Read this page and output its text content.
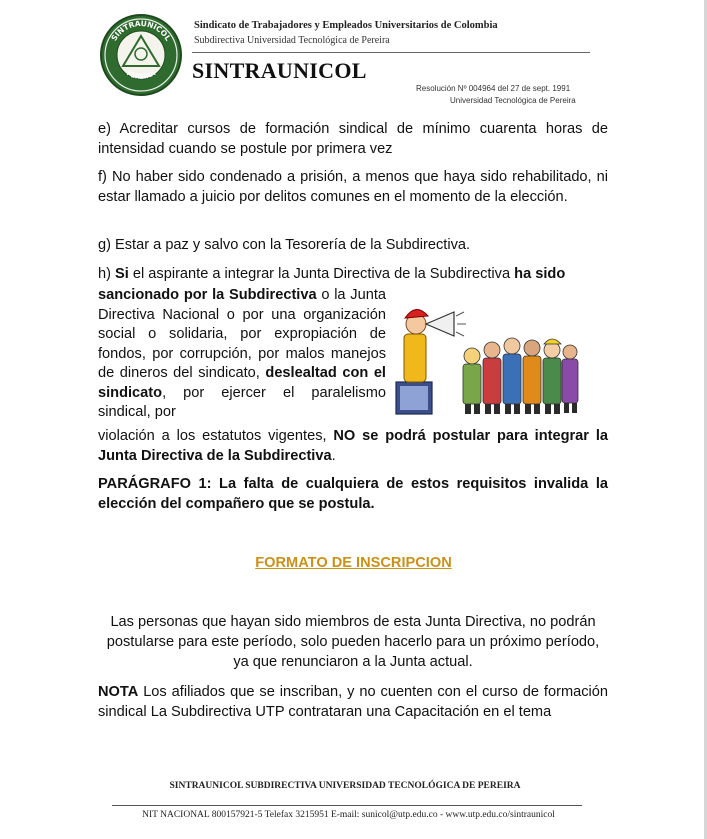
SINTRAUNICOL
PEREIRA
Sindicato de Trabajadores y Empleados Universitarios de Colombia
Subdirectiva Universidad Tecnológica de Pereira
SINTRAUNICOL
Resolución Nº 004964 del 27 de sept. 1991
Universidad Tecnológica de Pereira
e) Acreditar cursos de formación sindical de mínimo cuarenta horas de intensidad cuando se postule por primera vez
f) No haber sido condenado a prisión, a menos que haya sido rehabilitado, ni estar llamado a juicio por delitos comunes en el momento de la elección.
g) Estar a paz y salvo con la Tesorería de la Subdirectiva.
h) Si el aspirante a integrar la Junta Directiva de la Subdirectiva ha sido
sancionado por la Subdirectiva o la Junta Directiva Nacional o por una organización social o solidaria, por expropiación de fondos, por corrupción, por malos manejos de dineros del sindicato, deslealtad con el sindicato, por ejercer el paralelismo sindical, por
violación a los estatutos vigentes, NO se podrá postular para integrar la Junta Directiva de la Subdirectiva.
PARÁGRAFO 1: La falta de cualquiera de estos requisitos invalida la elección del compañero que se postula.
FORMATO DE INSCRIPCION
Las personas que hayan sido miembros de esta Junta Directiva, no podrán postularse para este período, solo pueden hacerlo para un próximo período, ya que renunciaron a la Junta actual.
NOTA Los afiliados que se inscriban, y no cuenten con el curso de formación sindical La Subdirectiva UTP contrataran una Capacitación en el tema
SINTRAUNICOL SUBDIRECTIVA UNIVERSIDAD TECNOLÓGICA DE PEREIRA
NIT NACIONAL 800157921-5 Telefax 3215951 E-mail: sunicol@utp.edu.co - www.utp.edu.co/sintraunicol
